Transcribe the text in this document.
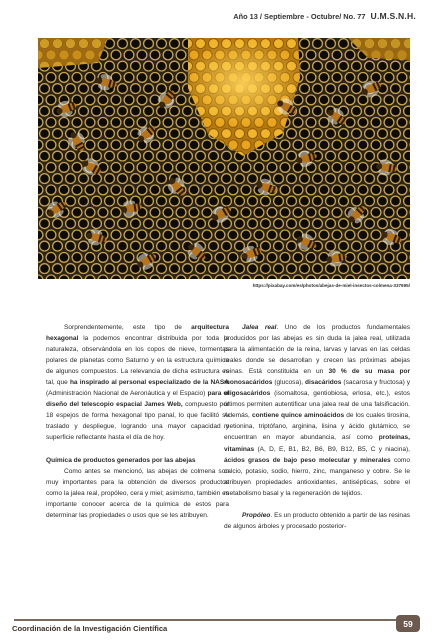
Año 13 / Septiembre - Octubre/ No. 77 U.M.S.N.H.
https://pixabay.com/es/photos/abejas-de-miel-insectos-colmena-337695/

Sorprendentemente, este tipo de arquitectura hexagonal la podemos encontrar distribuida por toda la naturaleza, observándola en los copos de nieve, tormentas polares de planetas como Saturno y en la estructura química de algunos compuestos. La relevancia de dicha estructura es tal, que ha inspirado al personal especializado de la NASA (Administración Nacional de Aeronáutica y el Espacio) para el diseño del telescopio espacial James Web, compuesto por 18 espejos de forma hexagonal tipo panal, lo que facilitó su traslado y despliegue, logrando una mayor capacidad y superficie reflectante hasta el día de hoy.

Química de productos generados por las abejas

Como antes se mencionó, las abejas de colmena son muy importantes para la obtención de diversos productos como la jalea real, propóleo, cera y miel; asimismo, también es importante conocer acerca de la química de estos para determinar las propiedades o usos que se les atribuyen.

Jalea real. Uno de los productos fundamentales producidos por las abejas es sin duda la jalea real, utilizada para la alimentación de la reina, larvas y larvas en las celdas reales donde se desarrollan y crecen las próximas abejas reinas. Está constituida en un 30 % de su masa por monosacáridos (glucosa), disacáridos (sacarosa y fructosa) y oligosacáridos (isomaltosa, gentiobiosa, erlosa, etc.), estos últimos permiten autentificar una jalea real de una falsificación. Además, contiene quince aminoácidos de los cuales tirosina, metionina, triptófano, arginina, lisina y ácido glutámico, se encuentran en mayor abundancia, así como proteínas, vitaminas (A, D, E, B1, B2, B6, B9, B12, B5, C y niacina), ácidos grasos de bajo peso molecular y minerales como calcio, potasio, sodio, hierro, zinc, manganeso y cobre. Se le atribuyen propiedades antioxidantes, antisépticas, sobre el metabolismo basal y la regeneración de tejidos.

Propóleo. Es un producto obtenido a partir de las resinas de algunos árboles y procesado posterior-

Coordinación de la Investigación Científica	59
